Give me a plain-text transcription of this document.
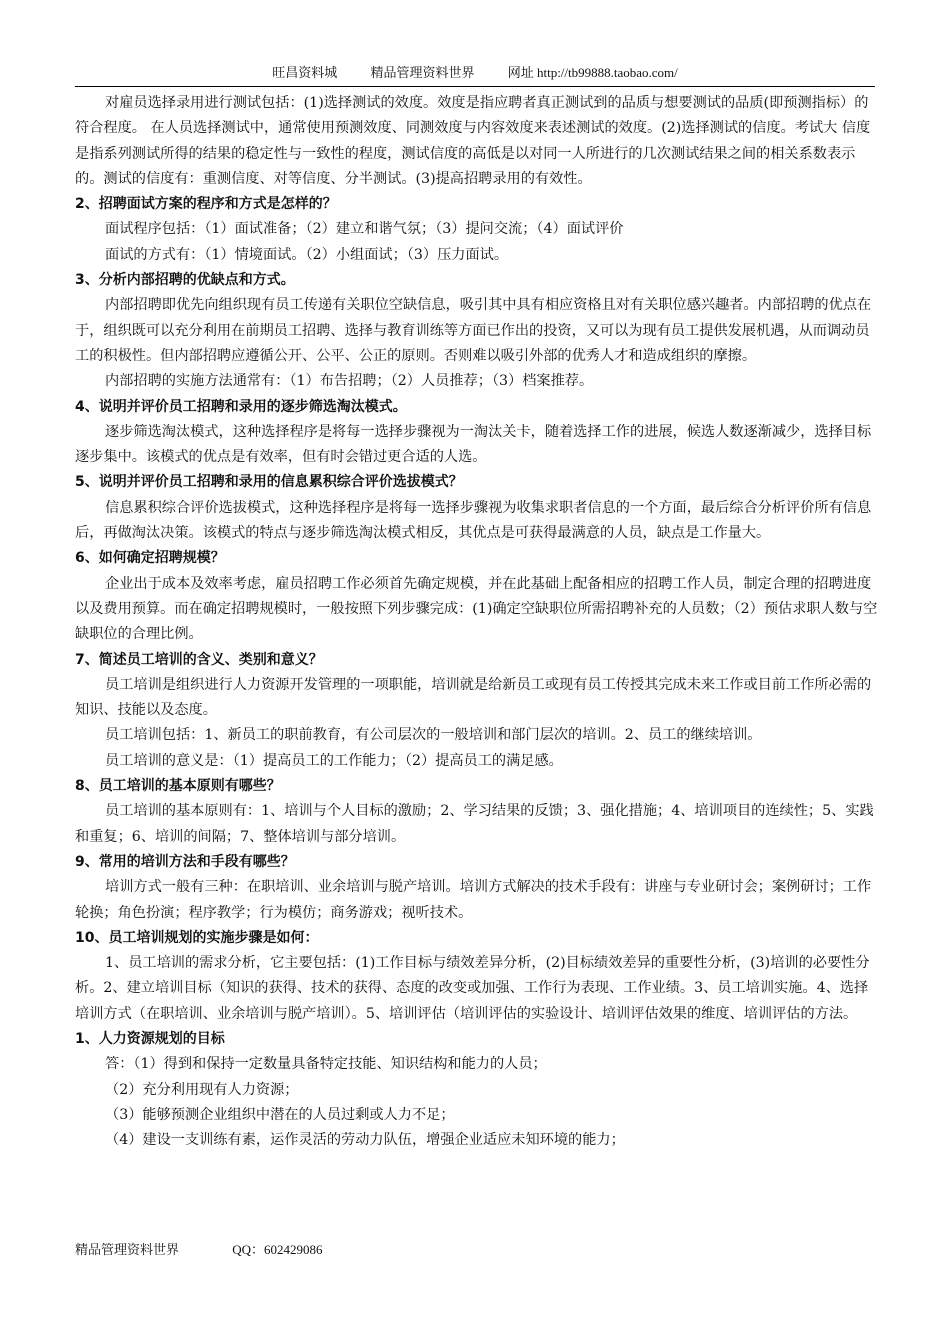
旺昌资料城	精品管理资料世界	网址 http://tb99888.taobao.com/

对雇员选择录用进行测试包括：(1)选择测试的效度。效度是指应聘者真正测试到的品质与想要测试的品质(即预测指标）的符合程度。 在人员选择测试中，通常使用预测效度、同测效度与内容效度来表述测试的效度。(2)选择测试的信度。考试大 信度是指系列测试所得的结果的稳定性与一致性的程度，测试信度的高低是以对同一人所进行的几次测试结果之间的相关系数表示的。测试的信度有：重测信度、对等信度、分半测试。(3)提高招聘录用的有效性。

2、招聘面试方案的程序和方式是怎样的？

面试程序包括：（1）面试准备；（2）建立和谐气氛；（3）提问交流；（4）面试评价

面试的方式有：（1）情境面试。（2）小组面试；（3）压力面试。

3、分析内部招聘的优缺点和方式。

内部招聘即优先向组织现有员工传递有关职位空缺信息，吸引其中具有相应资格且对有关职位感兴趣者。内部招聘的优点在于，组织既可以充分利用在前期员工招聘、选择与教育训练等方面已作出的投资，又可以为现有员工提供发展机遇，从而调动员工的积极性。但内部招聘应遵循公开、公平、公正的原则。否则难以吸引外部的优秀人才和造成组织的摩擦。

内部招聘的实施方法通常有：（1）布告招聘；（2）人员推荐；（3）档案推荐。

4、说明并评价员工招聘和录用的逐步筛选淘汰模式。

逐步筛选淘汰模式，这种选择程序是将每一选择步骤视为一淘汰关卡，随着选择工作的进展，候选人数逐渐减少，选择目标逐步集中。该模式的优点是有效率，但有时会错过更合适的人选。

5、说明并评价员工招聘和录用的信息累积综合评价选拔模式？

信息累积综合评价选拔模式，这种选择程序是将每一选择步骤视为收集求职者信息的一个方面，最后综合分析评价所有信息后，再做淘汰决策。该模式的特点与逐步筛选淘汰模式相反，其优点是可获得最满意的人员，缺点是工作量大。

6、如何确定招聘规模？

企业出于成本及效率考虑，雇员招聘工作必须首先确定规模，并在此基础上配备相应的招聘工作人员，制定合理的招聘进度以及费用预算。而在确定招聘规模时，一般按照下列步骤完成：(1)确定空缺职位所需招聘补充的人员数；（2）预估求职人数与空缺职位的合理比例。

7、简述员工培训的含义、类别和意义？

员工培训是组织进行人力资源开发管理的一项职能，培训就是给新员工或现有员工传授其完成未来工作或目前工作所必需的知识、技能以及态度。

员工培训包括：1、新员工的职前教育，有公司层次的一般培训和部门层次的培训。2、员工的继续培训。

员工培训的意义是：（1）提高员工的工作能力；（2）提高员工的满足感。

8、员工培训的基本原则有哪些？

员工培训的基本原则有：1、培训与个人目标的激励；2、学习结果的反馈；3、强化措施；4、培训项目的连续性；5、实践和重复；6、培训的间隔；7、整体培训与部分培训。

9、常用的培训方法和手段有哪些？

培训方式一般有三种：在职培训、业余培训与脱产培训。培训方式解决的技术手段有：讲座与专业研讨会；案例研讨；工作轮换；角色扮演；程序教学；行为模仿；商务游戏；视听技术。

10、员工培训规划的实施步骤是如何：

1、员工培训的需求分析，它主要包括：(1)工作目标与绩效差异分析，(2)目标绩效差异的重要性分析，(3)培训的必要性分析。2、建立培训目标（知识的获得、技术的获得、态度的改变或加强、工作行为表现、工作业绩。3、员工培训实施。4、选择培训方式（在职培训、业余培训与脱产培训）。5、培训评估（培训评估的实验设计、培训评估效果的维度、培训评估的方法。

1、人力资源规划的目标

答：（1）得到和保持一定数量具备特定技能、知识结构和能力的人员；

（2）充分利用现有人力资源；

（3）能够预测企业组织中潜在的人员过剩或人力不足；

（4）建设一支训练有素，运作灵活的劳动力队伍，增强企业适应未知环境的能力；

精品管理资料世界	QQ：602429086
